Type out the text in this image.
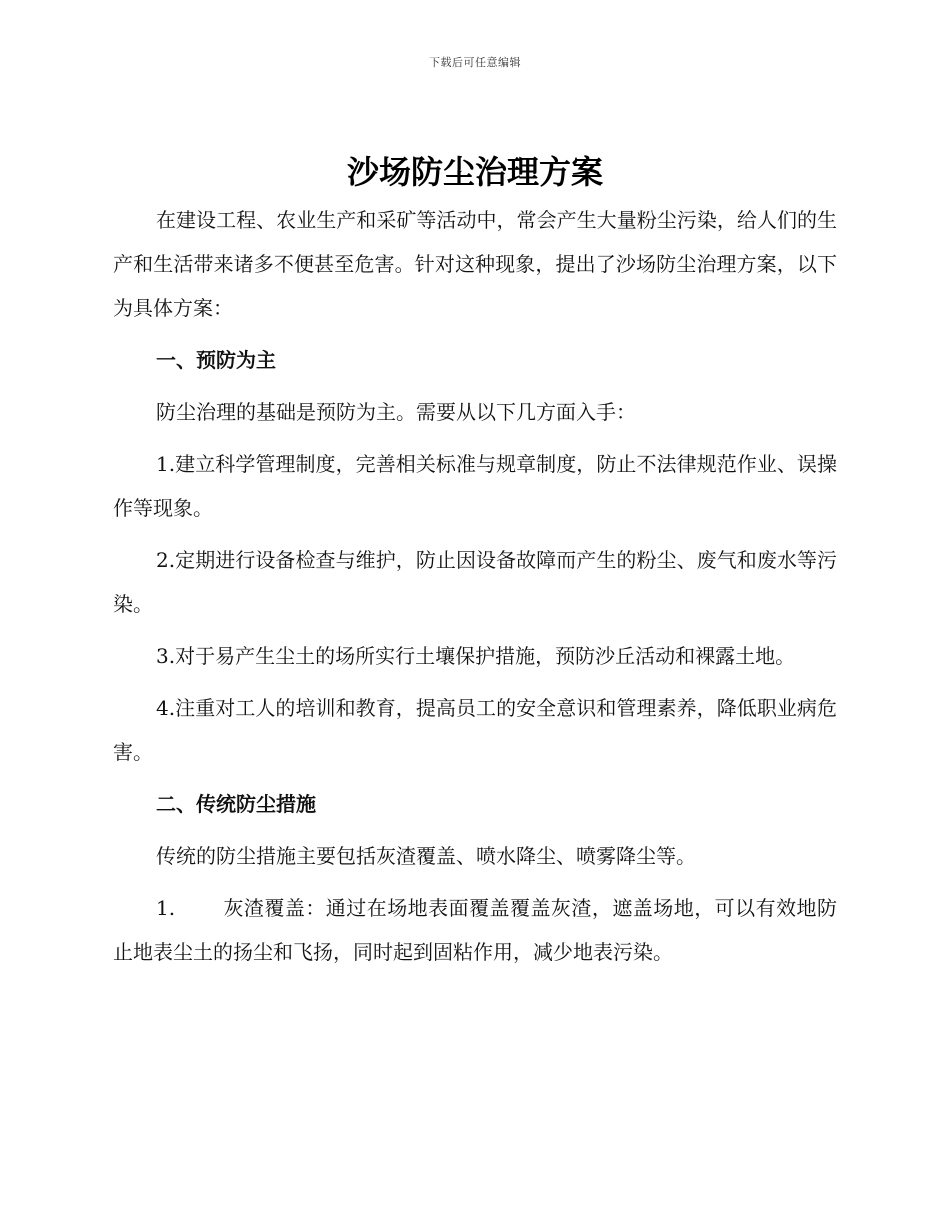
下载后可任意编辑
沙场防尘治理方案

在建设工程、农业生产和采矿等活动中，常会产生大量粉尘污染，给人们的生产和生活带来诸多不便甚至危害。针对这种现象，提出了沙场防尘治理方案，以下为具体方案：

一、预防为主

防尘治理的基础是预防为主。需要从以下几方面入手：

1.建立科学管理制度，完善相关标准与规章制度，防止不法律规范作业、误操作等现象。

2.定期进行设备检查与维护，防止因设备故障而产生的粉尘、废气和废水等污染。

3.对于易产生尘土的场所实行土壤保护措施，预防沙丘活动和裸露土地。

4.注重对工人的培训和教育，提高员工的安全意识和管理素养，降低职业病危害。

二、传统防尘措施

传统的防尘措施主要包括灰渣覆盖、喷水降尘、喷雾降尘等。

1. 灰渣覆盖：通过在场地表面覆盖覆盖灰渣，遮盖场地，可以有效地防止地表尘土的扬尘和飞扬，同时起到固粘作用，减少地表污染。
